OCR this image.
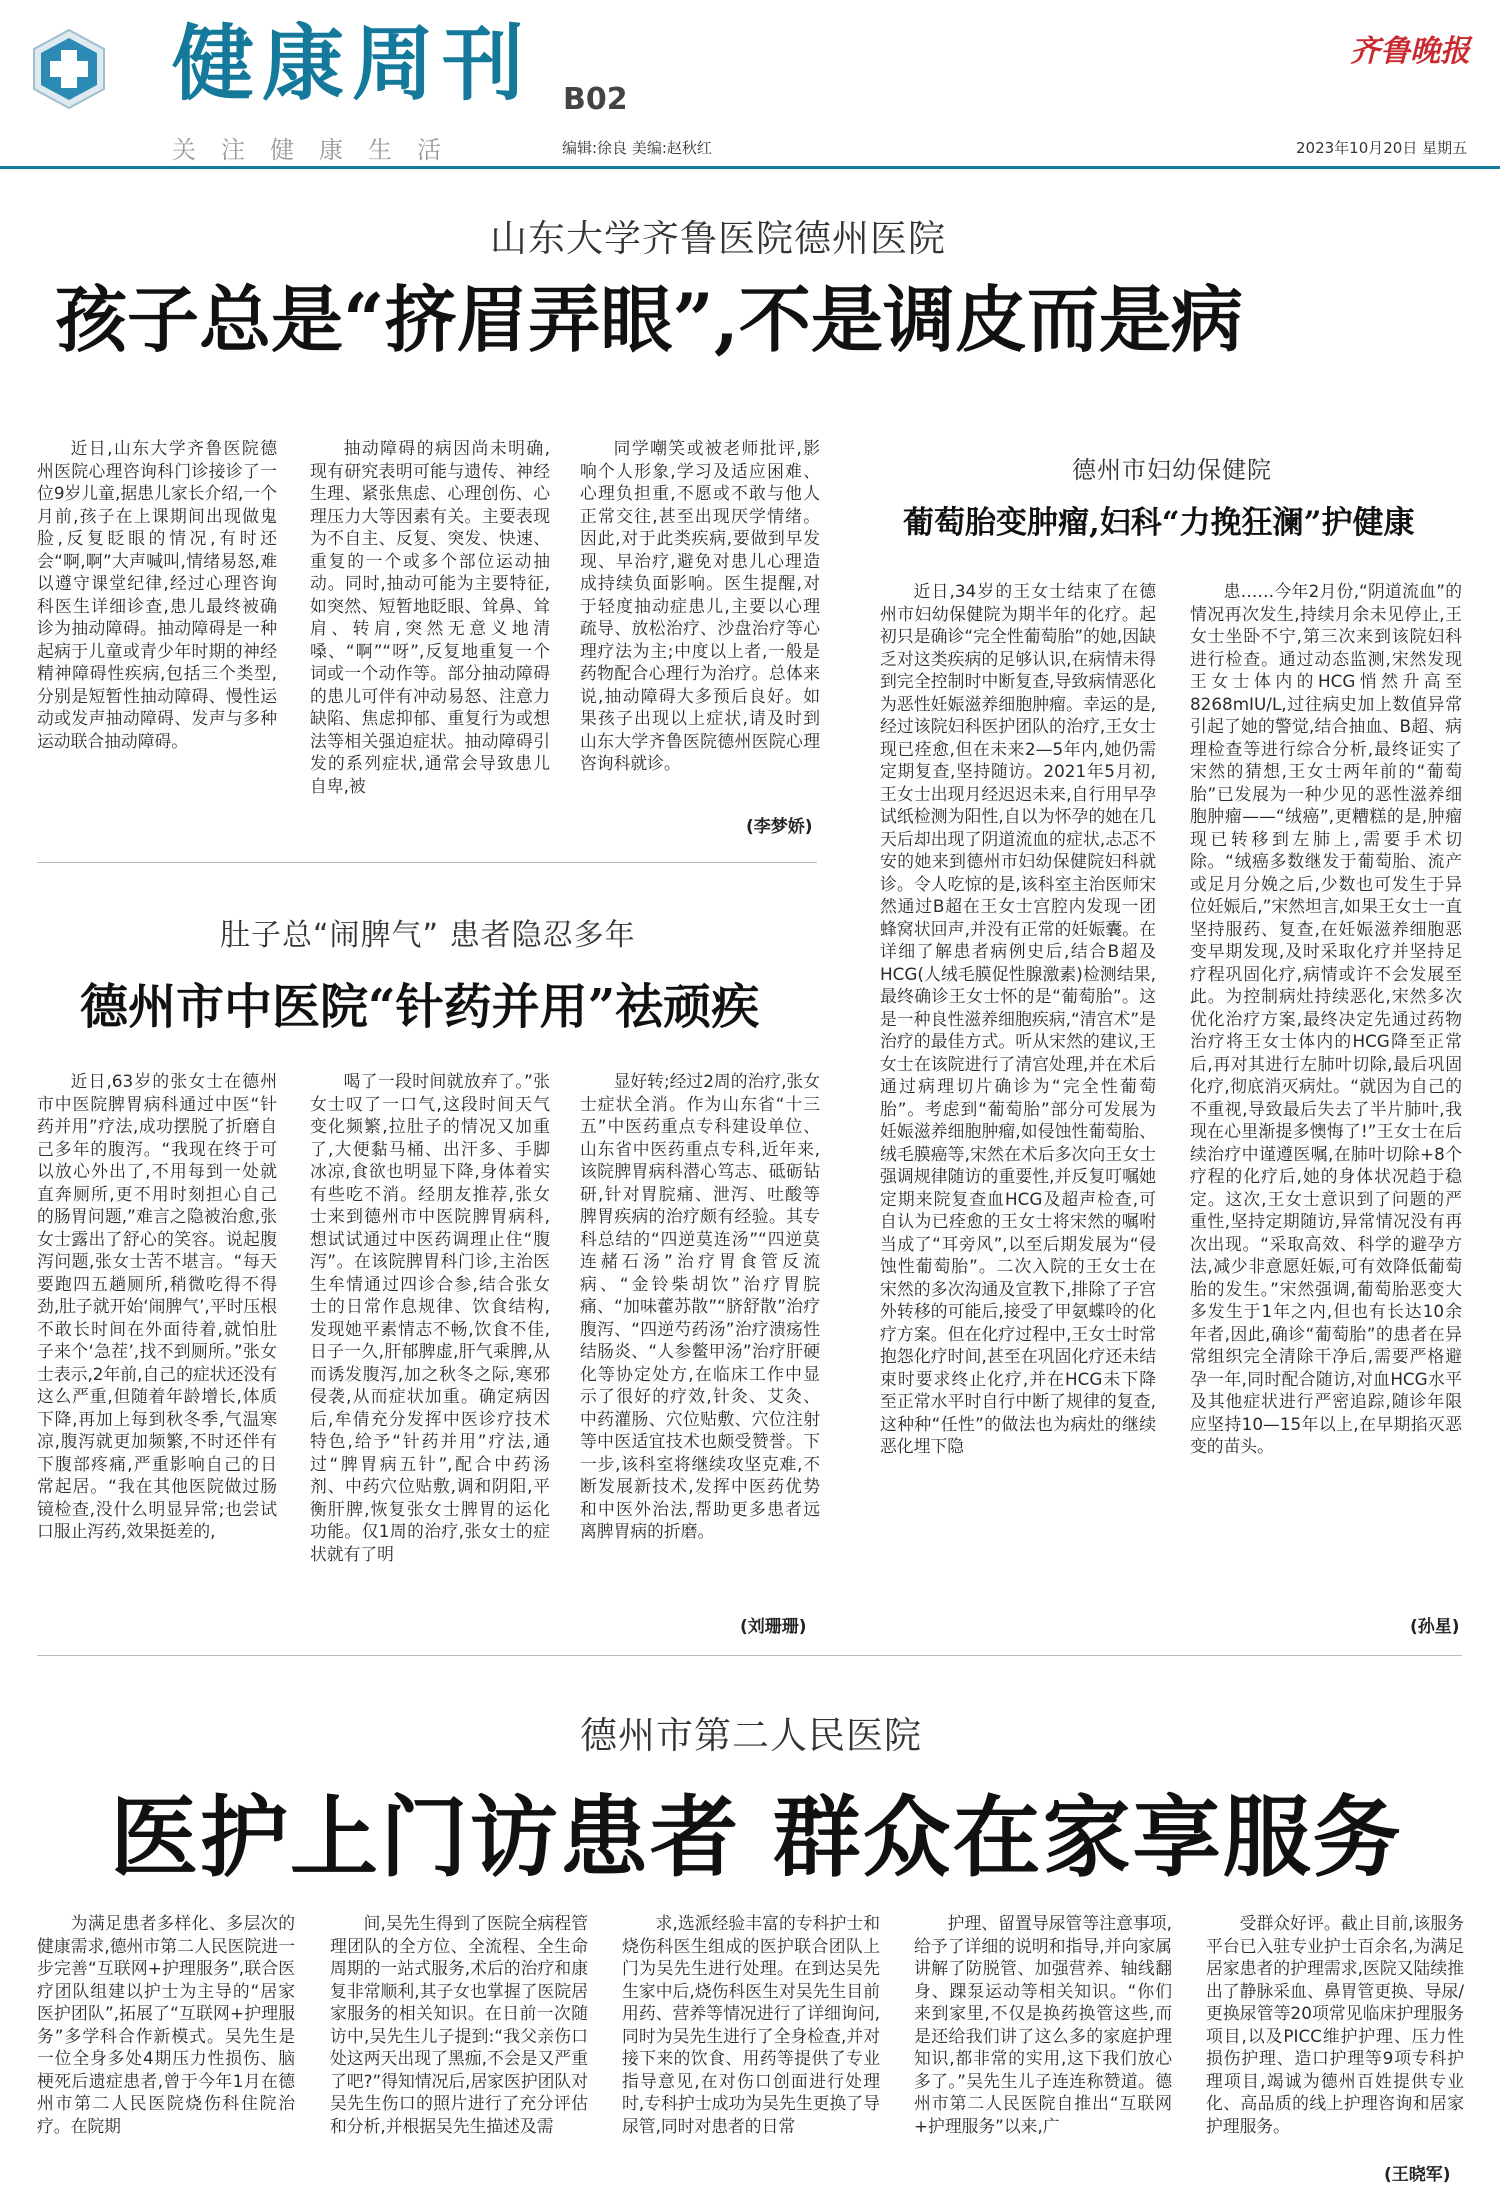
健康周刊 B02
关注健康生活	编辑:徐良 美编:赵秋红
齐鲁晚报
2023年10月20日 星期五
山东大学齐鲁医院德州医院
孩子总是“挤眉弄眼”,不是调皮而是病

近日,山东大学齐鲁医院德州医院心理咨询科门诊接诊了一位9岁儿童,据患儿家长介绍,一个月前,孩子在上课期间出现做鬼脸,反复眨眼的情况,有时还会“啊,啊”大声喊叫,情绪易怒,难以遵守课堂纪律,经过心理咨询科医生详细诊查,患儿最终被确诊为抽动障碍。抽动障碍是一种起病于儿童或青少年时期的神经精神障碍性疾病,包括三个类型,分别是短暂性抽动障碍、慢性运动或发声抽动障碍、发声与多种运动联合抽动障碍。

抽动障碍的病因尚未明确,现有研究表明可能与遗传、神经生理、紧张焦虑、心理创伤、心理压力大等因素有关。主要表现为不自主、反复、突发、快速、重复的一个或多个部位运动抽动。同时,抽动可能为主要特征,如突然、短暂地眨眼、耸鼻、耸肩、转肩,突然无意义地清嗓、“啊”“呀”,反复地重复一个词或一个动作等。部分抽动障碍的患儿可伴有冲动易怒、注意力缺陷、焦虑抑郁、重复行为或想法等相关强迫症状。抽动障碍引发的系列症状,通常会导致患儿自卑,被

同学嘲笑或被老师批评,影响个人形象,学习及适应困难、心理负担重,不愿或不敢与他人正常交往,甚至出现厌学情绪。因此,对于此类疾病,要做到早发现、早治疗,避免对患儿心理造成持续负面影响。医生提醒,对于轻度抽动症患儿,主要以心理疏导、放松治疗、沙盘治疗等心理疗法为主;中度以上者,一般是药物配合心理行为治疗。总体来说,抽动障碍大多预后良好。如果孩子出现以上症状,请及时到山东大学齐鲁医院德州医院心理咨询科就诊。

(李梦娇)
德州市妇幼保健院
葡萄胎变肿瘤,妇科“力挽狂澜”护健康

近日,34岁的王女士结束了在德州市妇幼保健院为期半年的化疗。起初只是确诊“完全性葡萄胎”的她,因缺乏对这类疾病的足够认识,在病情未得到完全控制时中断复查,导致病情恶化为恶性妊娠滋养细胞肿瘤。幸运的是,经过该院妇科医护团队的治疗,王女士现已痊愈,但在未来2—5年内,她仍需定期复查,坚持随访。2021年5月初,王女士出现月经迟迟未来,自行用早孕试纸检测为阳性,自以为怀孕的她在几天后却出现了阴道流血的症状,忐忑不安的她来到德州市妇幼保健院妇科就诊。令人吃惊的是,该科室主治医师宋然通过B超在王女士宫腔内发现一团蜂窝状回声,并没有正常的妊娠囊。在详细了解患者病例史后,结合B超及HCG(人绒毛膜促性腺激素)检测结果,最终确诊王女士怀的是“葡萄胎”。这是一种良性滋养细胞疾病,“清宫术”是治疗的最佳方式。听从宋然的建议,王女士在该院进行了清宫处理,并在术后通过病理切片确诊为“完全性葡萄胎”。考虑到“葡萄胎”部分可发展为妊娠滋养细胞肿瘤,如侵蚀性葡萄胎、绒毛膜癌等,宋然在术后多次向王女士强调规律随访的重要性,并反复叮嘱她定期来院复查血HCG及超声检查,可自认为已痊愈的王女士将宋然的嘱咐当成了“耳旁风”,以至后期发展为“侵蚀性葡萄胎”。二次入院的王女士在宋然的多次沟通及宣教下,排除了子宫外转移的可能后,接受了甲氨蝶呤的化疗方案。但在化疗过程中,王女士时常抱怨化疗时间,甚至在巩固化疗还未结束时要求终止化疗,并在HCG未下降至正常水平时自行中断了规律的复查,这种种“任性”的做法也为病灶的继续恶化埋下隐

患……今年2月份,“阴道流血”的情况再次发生,持续月余未见停止,王女士坐卧不宁,第三次来到该院妇科进行检查。通过动态监测,宋然发现王女士体内的HCG悄然升高至8268mIU/L,过往病史加上数值异常引起了她的警觉,结合抽血、B超、病理检查等进行综合分析,最终证实了宋然的猜想,王女士两年前的“葡萄胎”已发展为一种少见的恶性滋养细胞肿瘤——“绒癌”,更糟糕的是,肿瘤现已转移到左肺上,需要手术切除。“绒癌多数继发于葡萄胎、流产或足月分娩之后,少数也可发生于异位妊娠后,”宋然坦言,如果王女士一直坚持服药、复查,在妊娠滋养细胞恶变早期发现,及时采取化疗并坚持足疗程巩固化疗,病情或许不会发展至此。为控制病灶持续恶化,宋然多次优化治疗方案,最终决定先通过药物治疗将王女士体内的HCG降至正常后,再对其进行左肺叶切除,最后巩固化疗,彻底消灭病灶。“就因为自己的不重视,导致最后失去了半片肺叶,我现在心里渐提多懊悔了!”王女士在后续治疗中谨遵医嘱,在肺叶切除+8个疗程的化疗后,她的身体状况趋于稳定。这次,王女士意识到了问题的严重性,坚持定期随访,异常情况没有再次出现。“采取高效、科学的避孕方法,减少非意愿妊娠,可有效降低葡萄胎的发生。”宋然强调,葡萄胎恶变大多发生于1年之内,但也有长达10余年者,因此,确诊“葡萄胎”的患者在异常组织完全清除干净后,需要严格避孕一年,同时配合随访,对血HCG水平及其他症状进行严密追踪,随诊年限应坚持10—15年以上,在早期掐灭恶变的苗头。

(孙星)
肚子总“闹脾气” 患者隐忍多年
德州市中医院“针药并用”祛顽疾

近日,63岁的张女士在德州市中医院脾胃病科通过中医“针药并用”疗法,成功摆脱了折磨自己多年的腹泻。“我现在终于可以放心外出了,不用每到一处就直奔厕所,更不用时刻担心自己的肠胃问题,”难言之隐被治愈,张女士露出了舒心的笑容。说起腹泻问题,张女士苦不堪言。“每天要跑四五趟厕所,稍微吃得不得劲,肚子就开始‘闹脾气’,平时压根不敢长时间在外面待着,就怕肚子来个‘急茬’,找不到厕所。”张女士表示,2年前,自己的症状还没有这么严重,但随着年龄增长,体质下降,再加上每到秋冬季,气温寒凉,腹泻就更加频繁,不时还伴有下腹部疼痛,严重影响自己的日常起居。“我在其他医院做过肠镜检查,没什么明显异常;也尝试口服止泻药,效果挺差的,

喝了一段时间就放弃了。”张女士叹了一口气,这段时间天气变化频繁,拉肚子的情况又加重了,大便黏马桶、出汗多、手脚冰凉,食欲也明显下降,身体着实有些吃不消。经朋友推荐,张女士来到德州市中医院脾胃病科,想试试通过中医药调理止住“腹泻”。在该院脾胃科门诊,主治医生牟情通过四诊合参,结合张女士的日常作息规律、饮食结构,发现她平素情志不畅,饮食不佳,日子一久,肝郁脾虚,肝气乘脾,从而诱发腹泻,加之秋冬之际,寒邪侵袭,从而症状加重。确定病因后,牟倩充分发挥中医诊疗技术特色,给予“针药并用”疗法,通过“脾胃病五针”,配合中药汤剂、中药穴位贴敷,调和阴阳,平衡肝脾,恢复张女士脾胃的运化功能。仅1周的治疗,张女士的症状就有了明

显好转;经过2周的治疗,张女士症状全消。作为山东省“十三五”中医药重点专科建设单位、山东省中医药重点专科,近年来,该院脾胃病科潜心笃志、砥砺钻研,针对胃脘痛、泄泻、吐酸等脾胃疾病的治疗颇有经验。其专科总结的“四逆莫连汤”“四逆莫连赭石汤”治疗胃食管反流病、“金铃柴胡饮”治疗胃脘痛、“加味藿苏散”“脐舒散”治疗腹泻、“四逆芍药汤”治疗溃疡性结肠炎、“人参鳖甲汤”治疗肝硬化等协定处方,在临床工作中显示了很好的疗效,针灸、艾灸、中药灌肠、穴位贴敷、穴位注射等中医适宜技术也颇受赞誉。下一步,该科室将继续攻坚克难,不断发展新技术,发挥中医药优势和中医外治法,帮助更多患者远离脾胃病的折磨。

(刘珊珊)
德州市第二人民医院
医护上门访患者 群众在家享服务

为满足患者多样化、多层次的健康需求,德州市第二人民医院进一步完善“互联网+护理服务”,联合医疗团队组建以护士为主导的“居家医护团队”,拓展了“互联网+护理服务”多学科合作新模式。吴先生是一位全身多处4期压力性损伤、脑梗死后遗症患者,曾于今年1月在德州市第二人民医院烧伤科住院治疗。在院期

间,吴先生得到了医院全病程管理团队的全方位、全流程、全生命周期的一站式服务,术后的治疗和康复非常顺利,其子女也掌握了医院居家服务的相关知识。在日前一次随访中,吴先生儿子提到:“我父亲伤口处这两天出现了黑痂,不会是又严重了吧?”得知情况后,居家医护团队对吴先生伤口的照片进行了充分评估和分析,并根据吴先生描述及需

求,选派经验丰富的专科护士和烧伤科医生组成的医护联合团队上门为吴先生进行处理。在到达吴先生家中后,烧伤科医生对吴先生目前用药、营养等情况进行了详细询问,同时为吴先生进行了全身检查,并对接下来的饮食、用药等提供了专业指导意见,在对伤口创面进行处理时,专科护士成功为吴先生更换了导尿管,同时对患者的日常

护理、留置导尿管等注意事项,给予了详细的说明和指导,并向家属讲解了防脱管、加强营养、轴线翻身、踝泵运动等相关知识。“你们来到家里,不仅是换药换管这些,而是还给我们讲了这么多的家庭护理知识,都非常的实用,这下我们放心多了。”吴先生儿子连连称赞道。德州市第二人民医院自推出“互联网+护理服务”以来,广

受群众好评。截止目前,该服务平台已入驻专业护士百余名,为满足居家患者的护理需求,医院又陆续推出了静脉采血、鼻胃管更换、导尿/更换尿管等20项常见临床护理服务项目,以及PICC维护护理、压力性损伤护理、造口护理等9项专科护理项目,竭诚为德州百姓提供专业化、高品质的线上护理咨询和居家护理服务。

(王晓军)
